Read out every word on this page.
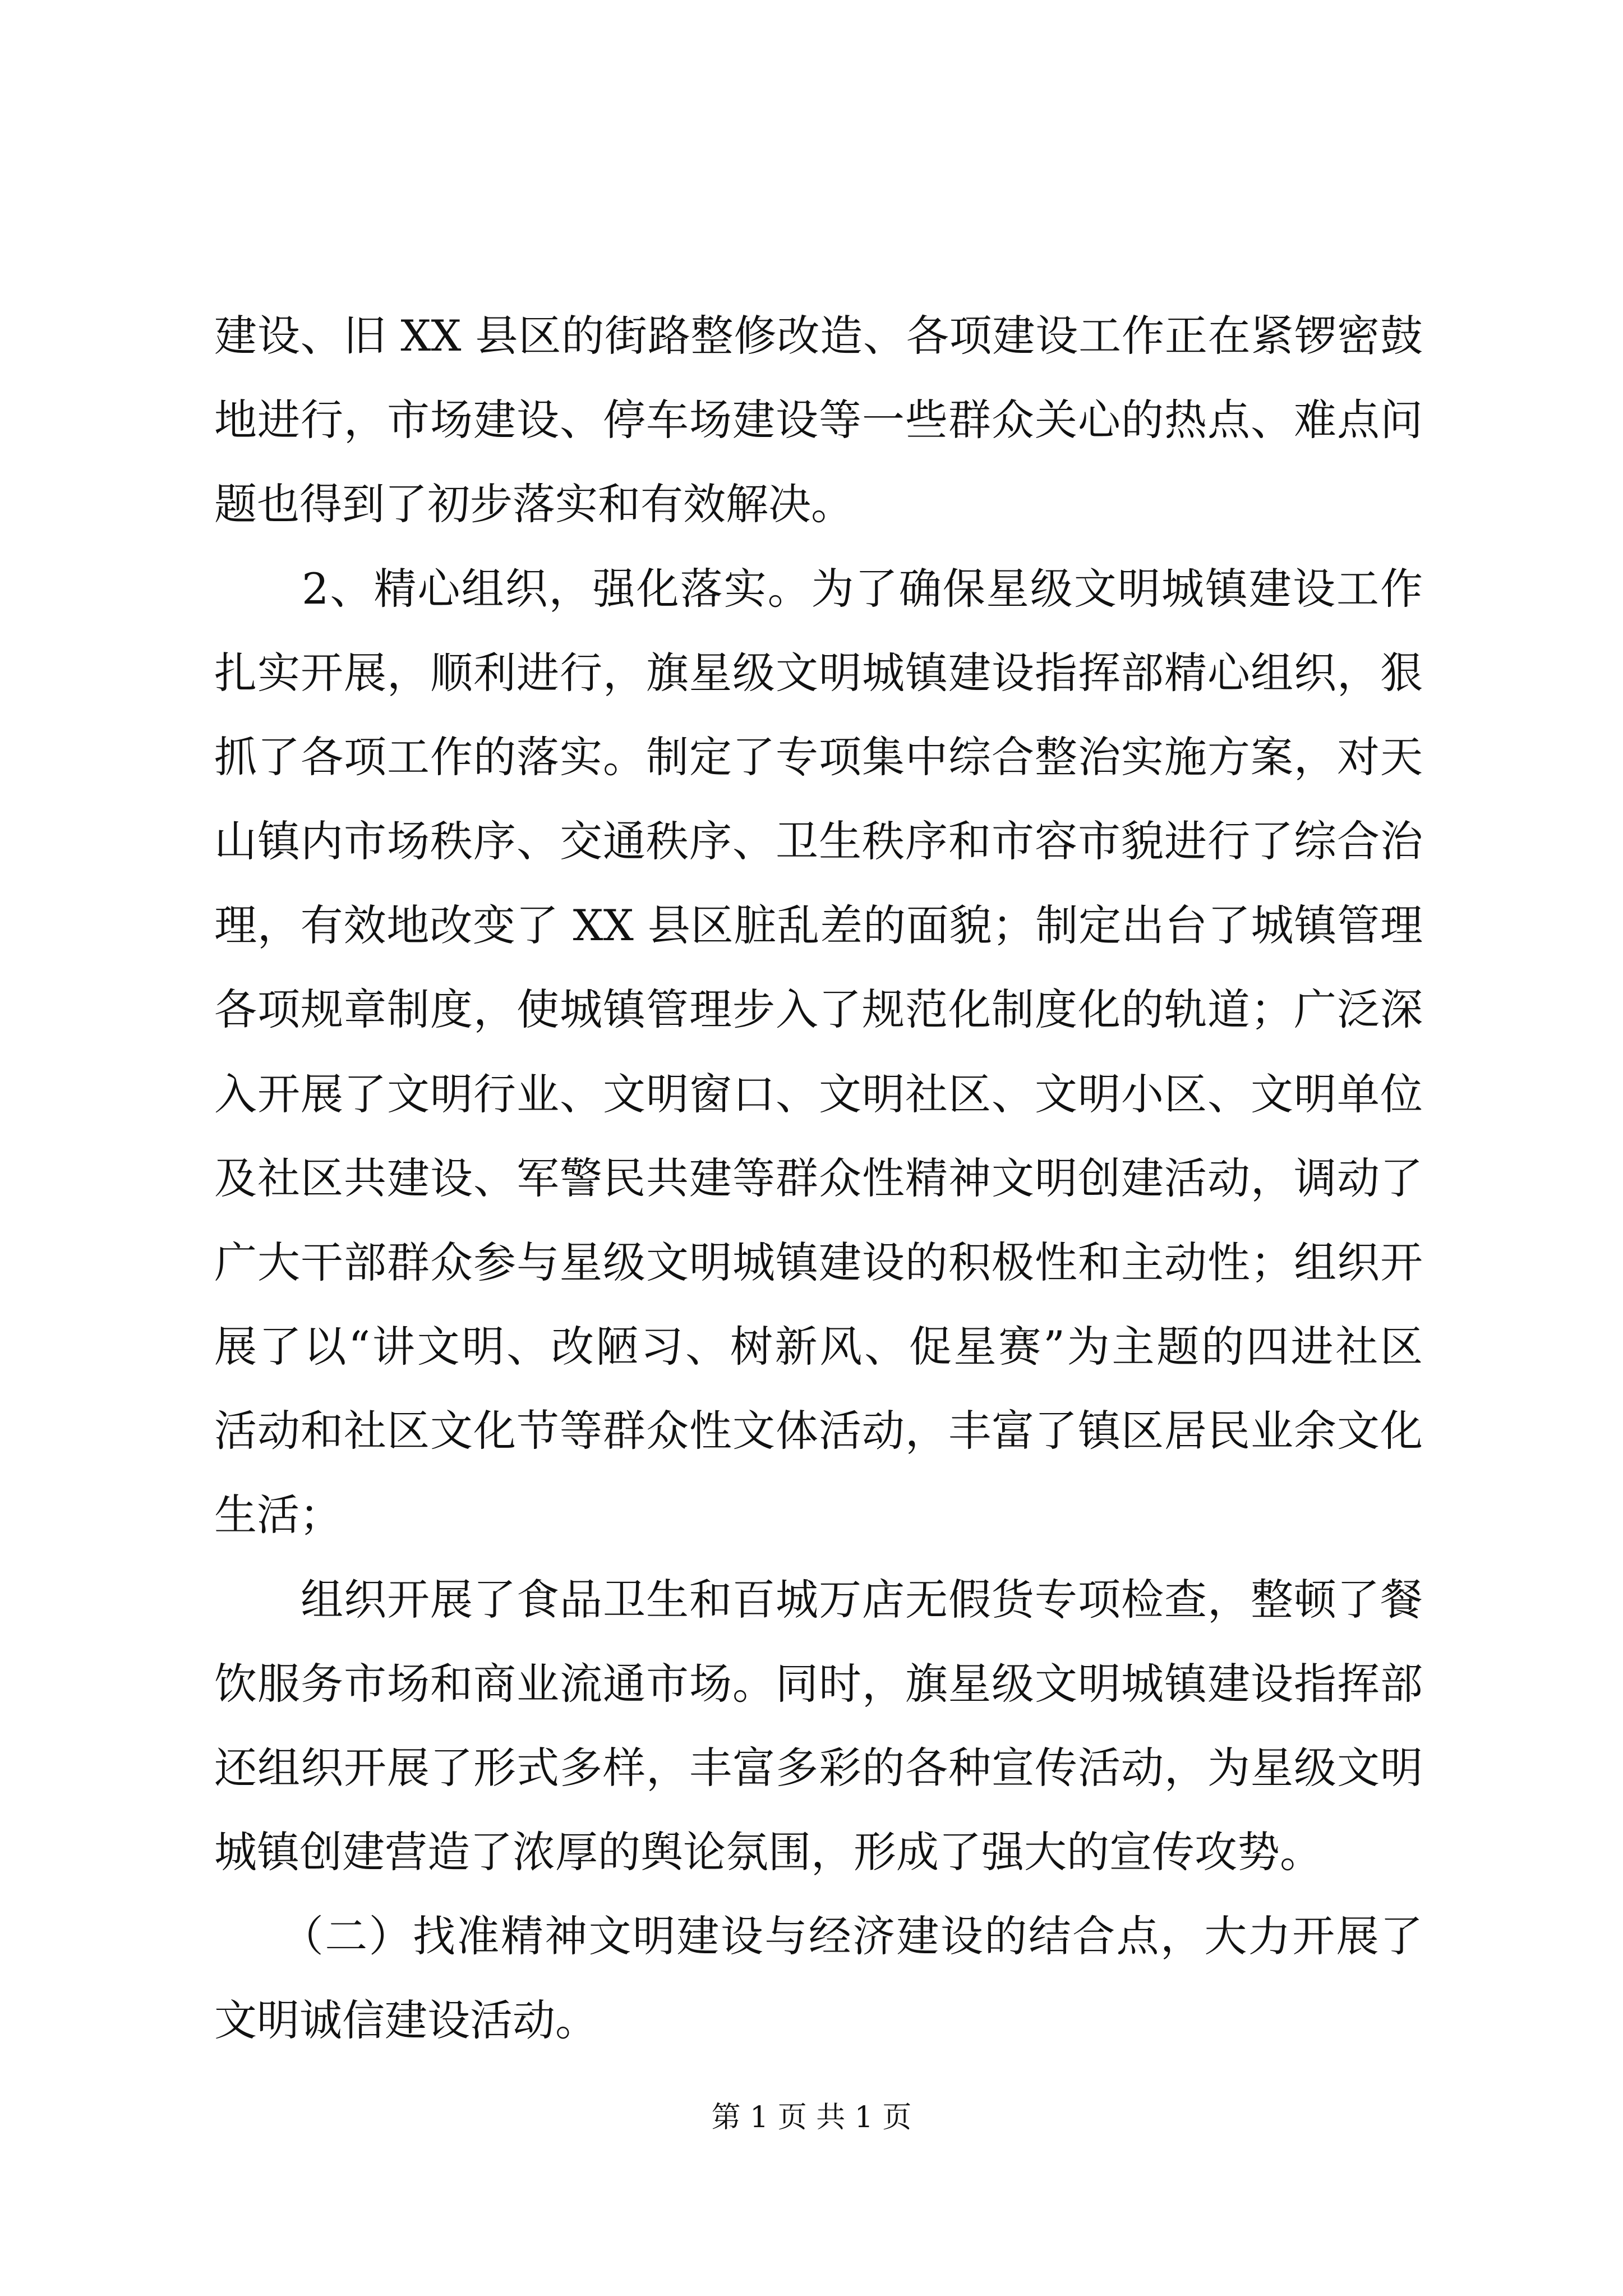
建设、旧 XX 县区的街路整修改造、各项建设工作正在紧锣密鼓
地进行，市场建设、停车场建设等一些群众关心的热点、难点问
题也得到了初步落实和有效解决。
　　2、精心组织，强化落实。为了确保星级文明城镇建设工作
扎实开展，顺利进行，旗星级文明城镇建设指挥部精心组织，狠
抓了各项工作的落实。制定了专项集中综合整治实施方案，对天
山镇内市场秩序、交通秩序、卫生秩序和市容市貌进行了综合治
理，有效地改变了 XX 县区脏乱差的面貌；制定出台了城镇管理
各项规章制度，使城镇管理步入了规范化制度化的轨道；广泛深
入开展了文明行业、文明窗口、文明社区、文明小区、文明单位
及社区共建设、军警民共建等群众性精神文明创建活动，调动了
广大干部群众参与星级文明城镇建设的积极性和主动性；组织开
展了以“讲文明、改陋习、树新风、促星赛”为主题的四进社区
活动和社区文化节等群众性文体活动，丰富了镇区居民业余文化
生活；
　　组织开展了食品卫生和百城万店无假货专项检查，整顿了餐
饮服务市场和商业流通市场。同时，旗星级文明城镇建设指挥部
还组织开展了形式多样，丰富多彩的各种宣传活动，为星级文明
城镇创建营造了浓厚的舆论氛围，形成了强大的宣传攻势。
　　（二）找准精神文明建设与经济建设的结合点，大力开展了
文明诚信建设活动。
第 1 页 共 1 页
